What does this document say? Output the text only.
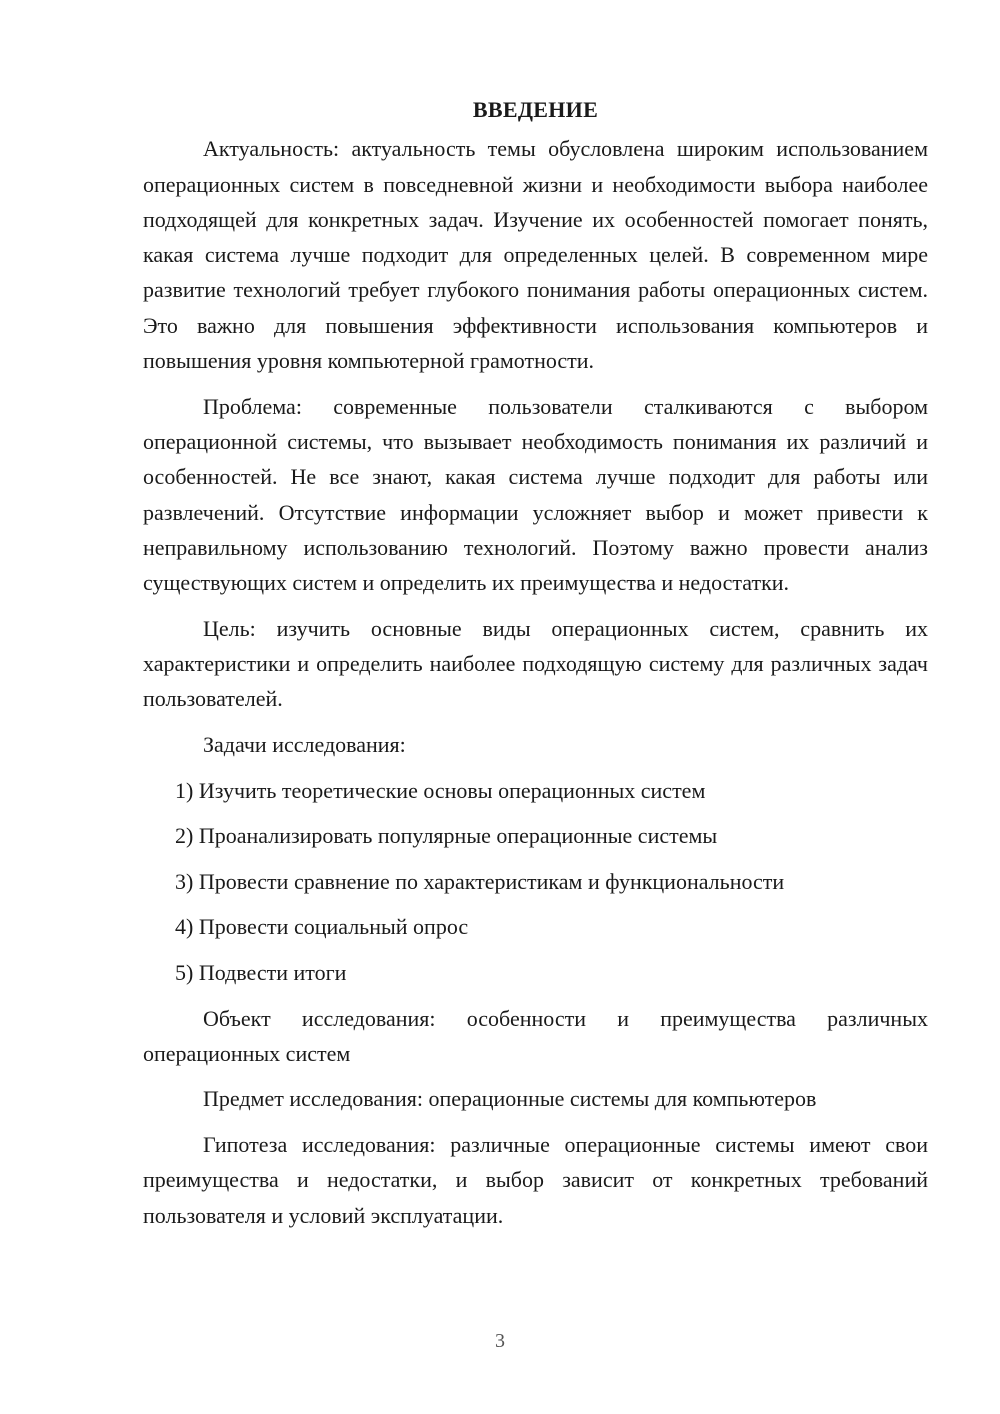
ВВЕДЕНИЕ

Актуальность: актуальность темы обусловлена широким использованием операционных систем в повседневной жизни и необходимости выбора наиболее подходящей для конкретных задач. Изучение их особенностей помогает понять, какая система лучше подходит для определенных целей. В современном мире развитие технологий требует глубокого понимания работы операционных систем. Это важно для повышения эффективности использования компьютеров и повышения уровня компьютерной грамотности.

Проблема: современные пользователи сталкиваются с выбором операционной системы, что вызывает необходимость понимания их различий и особенностей. Не все знают, какая система лучше подходит для работы или развлечений. Отсутствие информации усложняет выбор и может привести к неправильному использованию технологий. Поэтому важно провести анализ существующих систем и определить их преимущества и недостатки.

Цель: изучить основные виды операционных систем, сравнить их характеристики и определить наиболее подходящую систему для различных задач пользователей.

Задачи исследования:

1) Изучить теоретические основы операционных систем
2) Проанализировать популярные операционные системы
3) Провести сравнение по характеристикам и функциональности
4) Провести социальный опрос
5) Подвести итоги

Объект исследования: особенности и преимущества различных операционных систем

Предмет исследования: операционные системы для компьютеров

Гипотеза исследования: различные операционные системы имеют свои преимущества и недостатки, и выбор зависит от конкретных требований пользователя и условий эксплуатации.

3
